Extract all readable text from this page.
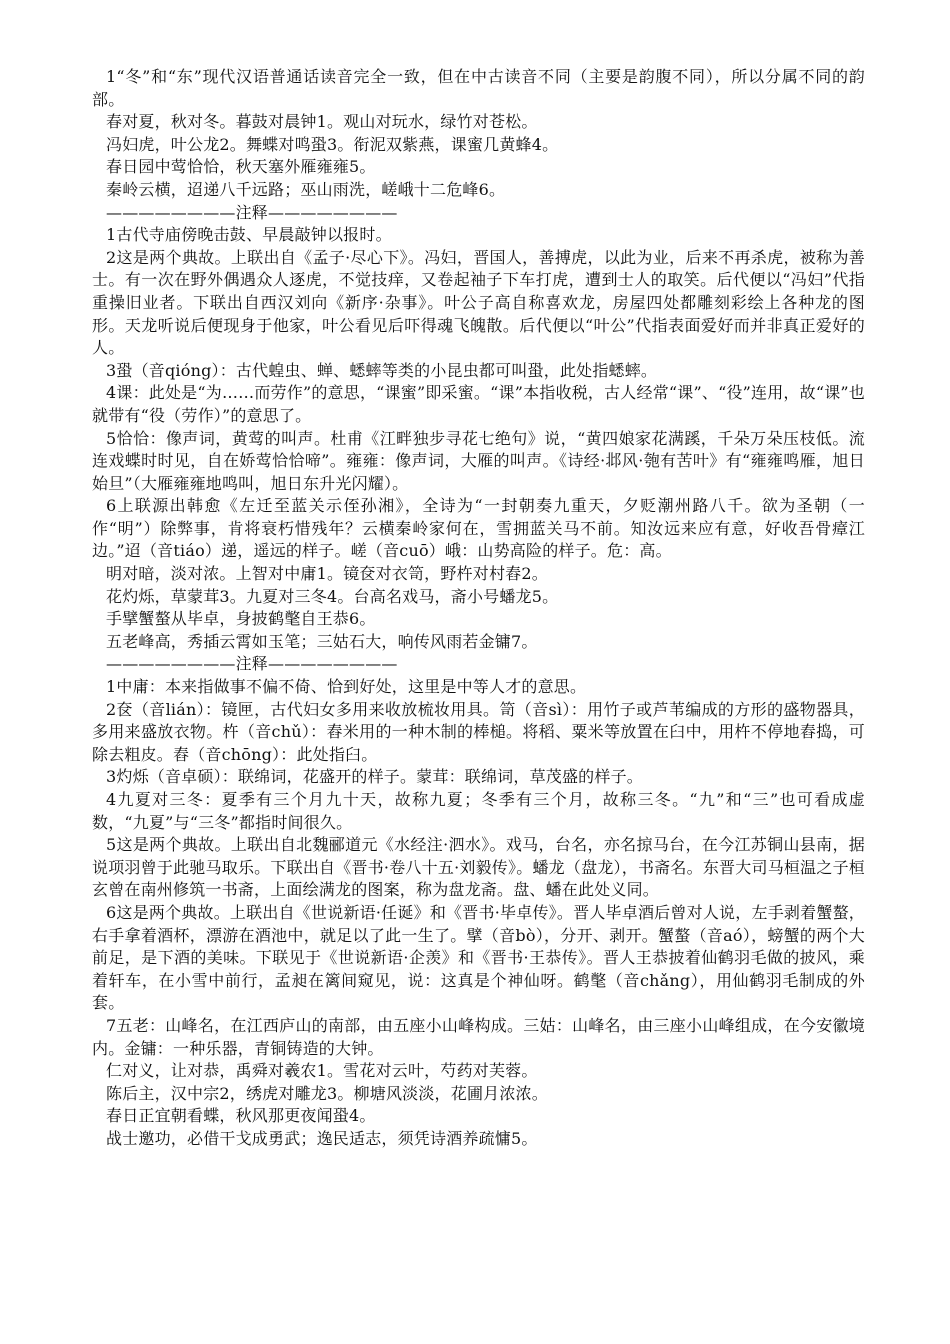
1“冬”和“东”现代汉语普通话读音完全一致，但在中古读音不同（主要是韵腹不同），所以分属不同的韵部。

春对夏，秋对冬。暮鼓对晨钟1。观山对玩水，绿竹对苍松。

冯妇虎，叶公龙2。舞蝶对鸣蛩3。衔泥双紫燕，课蜜几黄蜂4。

春日园中莺恰恰，秋天塞外雁雍雍5。

秦岭云横，迢递八千远路；巫山雨洗，嵯峨十二危峰6。

————————注释————————

1古代寺庙傍晚击鼓、早晨敲钟以报时。

2这是两个典故。上联出自《孟子·尽心下》。冯妇，晋国人，善搏虎，以此为业，后来不再杀虎，被称为善士。有一次在野外偶遇众人逐虎，不觉技痒，又卷起袖子下车打虎，遭到士人的取笑。后代便以“冯妇”代指重操旧业者。下联出自西汉刘向《新序·杂事》。叶公子高自称喜欢龙，房屋四处都雕刻彩绘上各种龙的图形。天龙听说后便现身于他家，叶公看见后吓得魂飞魄散。后代便以“叶公”代指表面爱好而并非真正爱好的人。

3蛩（音qióng）：古代蝗虫、蝉、蟋蟀等类的小昆虫都可叫蛩，此处指蟋蟀。

4课：此处是“为……而劳作”的意思，“课蜜”即采蜜。“课”本指收税，古人经常“课”、“役”连用，故“课”也就带有“役（劳作）”的意思了。

5恰恰：像声词，黄莺的叫声。杜甫《江畔独步寻花七绝句》说，“黄四娘家花满蹊，千朵万朵压枝低。流连戏蝶时时见，自在娇莺恰恰啼”。雍雍：像声词，大雁的叫声。《诗经·邶风·匏有苦叶》有“雍雍鸣雁，旭日始旦”（大雁雍雍地鸣叫，旭日东升光闪耀）。

6上联源出韩愈《左迁至蓝关示侄孙湘》，全诗为“一封朝奏九重天，夕贬潮州路八千。欲为圣朝（一作“明”）除弊事，肯将衰朽惜残年？云横秦岭家何在，雪拥蓝关马不前。知汝远来应有意，好收吾骨瘴江边。”迢（音tiáo）递，遥远的样子。嵯（音cuō）峨：山势高险的样子。危：高。

明对暗，淡对浓。上智对中庸1。镜奁对衣笥，野杵对村舂2。

花灼烁，草蒙茸3。九夏对三冬4。台高名戏马，斋小号蟠龙5。

手擘蟹螯从毕卓，身披鹤氅自王恭6。

五老峰高，秀插云霄如玉笔；三姑石大，响传风雨若金镛7。

————————注释————————

1中庸：本来指做事不偏不倚、恰到好处，这里是中等人才的意思。

2奁（音lián）：镜匣，古代妇女多用来收放梳妆用具。笥（音sì）：用竹子或芦苇编成的方形的盛物器具，多用来盛放衣物。杵（音chǔ）：舂米用的一种木制的棒槌。将稻、粟米等放置在臼中，用杵不停地舂捣，可除去粗皮。舂（音chōng）：此处指臼。

3灼烁（音卓硕）：联绵词，花盛开的样子。蒙茸：联绵词，草茂盛的样子。

4九夏对三冬：夏季有三个月九十天，故称九夏；冬季有三个月，故称三冬。“九”和“三”也可看成虚数，“九夏”与“三冬”都指时间很久。

5这是两个典故。上联出自北魏郦道元《水经注·泗水》。戏马，台名，亦名掠马台，在今江苏铜山县南，据说项羽曾于此驰马取乐。下联出自《晋书·卷八十五·刘毅传》。蟠龙（盘龙），书斋名。东晋大司马桓温之子桓玄曾在南州修筑一书斋，上面绘满龙的图案，称为盘龙斋。盘、蟠在此处义同。

6这是两个典故。上联出自《世说新语·任诞》和《晋书·毕卓传》。晋人毕卓酒后曾对人说，左手剥着蟹螯，右手拿着酒杯，漂游在酒池中，就足以了此一生了。擘（音bò），分开、剥开。蟹螯（音aó），螃蟹的两个大前足，是下酒的美味。下联见于《世说新语·企羡》和《晋书·王恭传》。晋人王恭披着仙鹤羽毛做的披风，乘着轩车，在小雪中前行，孟昶在篱间窥见，说：这真是个神仙呀。鹤氅（音chǎng），用仙鹤羽毛制成的外套。

7五老：山峰名，在江西庐山的南部，由五座小山峰构成。三姑：山峰名，由三座小山峰组成，在今安徽境内。金镛：一种乐器，青铜铸造的大钟。

仁对义，让对恭，禹舜对羲农1。雪花对云叶，芍药对芙蓉。

陈后主，汉中宗2，绣虎对雕龙3。柳塘风淡淡，花圃月浓浓。

春日正宜朝看蝶，秋风那更夜闻蛩4。

战士邀功，必借干戈成勇武；逸民适志，须凭诗酒养疏慵5。
